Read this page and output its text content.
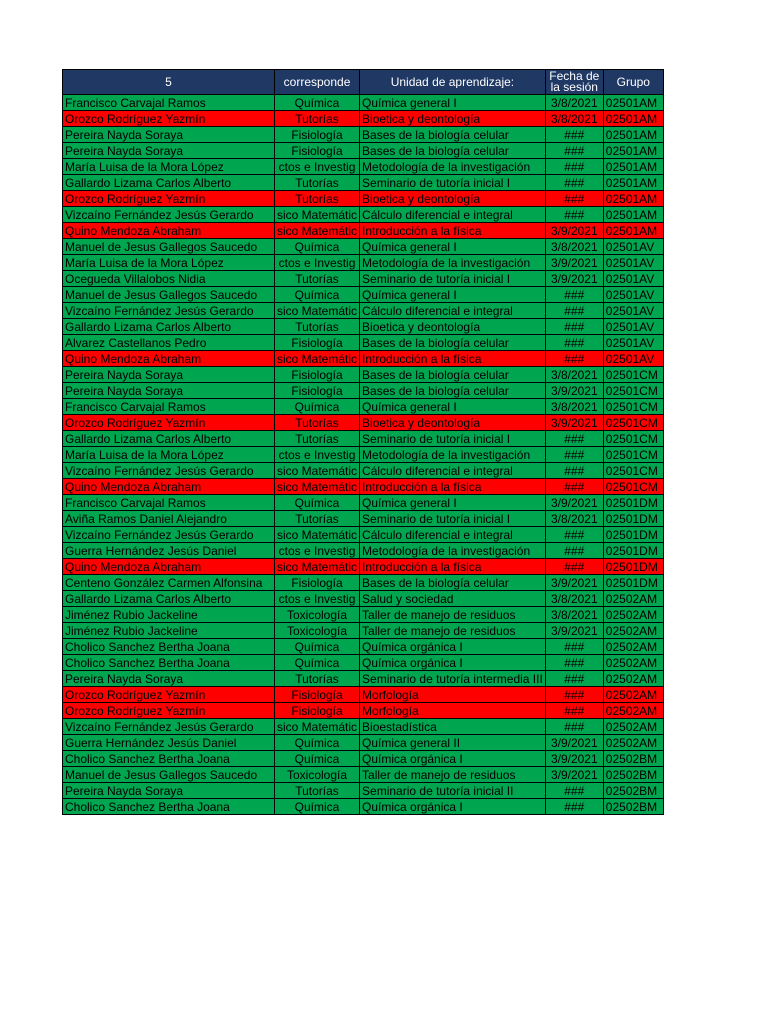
5	corresponde	Unidad de aprendizaje:	Fecha de la sesión	Grupo

Francisco Carvajal Ramos	Química	Química general I	3/8/2021	02501AM
Orozco Rodríguez Yazmín	Tutorías	Bioetica y deontología	3/8/2021	02501AM
Pereira Nayda Soraya	Fisiología	Bases de la biología celular	###	02501AM
Pereira Nayda Soraya	Fisiología	Bases de la biología celular	###	02501AM
María Luisa de la Mora López	ctos e Investig	Metodología de la investigación	###	02501AM
Gallardo Lizama Carlos Alberto	Tutorías	Seminario de tutoría inicial I	###	02501AM
Orozco Rodríguez Yazmín	Tutorías	Bioetica y deontología	###	02501AM
Vizcaíno Fernández Jesús Gerardo	sico Matemátic	Cálculo diferencial e integral	###	02501AM
Quino Mendoza Abraham	sico Matemátic	Introducción a la física	3/9/2021	02501AM
Manuel de Jesus Gallegos Saucedo	Química	Química general I	3/8/2021	02501AV
María Luisa de la Mora López	ctos e Investig	Metodología de la investigación	3/9/2021	02501AV
Ocegueda Villalobos Nidia	Tutorías	Seminario de tutoría inicial I	3/9/2021	02501AV
Manuel de Jesus Gallegos Saucedo	Química	Química general I	###	02501AV
Vizcaíno Fernández Jesús Gerardo	sico Matemátic	Cálculo diferencial e integral	###	02501AV
Gallardo Lizama Carlos Alberto	Tutorías	Bioetica y deontología	###	02501AV
Alvarez Castellanos Pedro	Fisiología	Bases de la biología celular	###	02501AV
Quino Mendoza Abraham	sico Matemátic	Introducción a la física	###	02501AV
Pereira Nayda Soraya	Fisiología	Bases de la biología celular	3/8/2021	02501CM
Pereira Nayda Soraya	Fisiología	Bases de la biología celular	3/9/2021	02501CM
Francisco Carvajal Ramos	Química	Química general I	3/8/2021	02501CM
Orozco Rodríguez Yazmín	Tutorías	Bioetica y deontología	3/9/2021	02501CM
Gallardo Lizama Carlos Alberto	Tutorías	Seminario de tutoría inicial I	###	02501CM
María Luisa de la Mora López	ctos e Investig	Metodología de la investigación	###	02501CM
Vizcaíno Fernández Jesús Gerardo	sico Matemátic	Cálculo diferencial e integral	###	02501CM
Quino Mendoza Abraham	sico Matemátic	Introducción a la física	###	02501CM
Francisco Carvajal Ramos	Química	Química general I	3/9/2021	02501DM
Aviña Ramos Daniel Alejandro	Tutorías	Seminario de tutoría inicial I	3/8/2021	02501DM
Vizcaíno Fernández Jesús Gerardo	sico Matemátic	Cálculo diferencial e integral	###	02501DM
Guerra Hernández Jesús Daniel	ctos e Investig	Metodología de la investigación	###	02501DM
Quino Mendoza Abraham	sico Matemátic	Introducción a la física	###	02501DM
Centeno González Carmen Alfonsina	Fisiología	Bases de la biología celular	3/9/2021	02501DM
Gallardo Lizama Carlos Alberto	ctos e Investig	Salud y sociedad	3/8/2021	02502AM
Jiménez Rubio Jackeline	Toxicología	Taller de manejo de residuos	3/8/2021	02502AM
Jiménez Rubio Jackeline	Toxicología	Taller de manejo de residuos	3/9/2021	02502AM
Cholico Sanchez Bertha Joana	Química	Química orgánica I	###	02502AM
Cholico Sanchez Bertha Joana	Química	Química orgánica I	###	02502AM
Pereira Nayda Soraya	Tutorías	Seminario de tutoría intermedia III	###	02502AM
Orozco Rodríguez Yazmín	Fisiología	Morfología	###	02502AM
Orozco Rodríguez Yazmín	Fisiología	Morfología	###	02502AM
Vizcaíno Fernández Jesús Gerardo	sico Matemátic	Bioestadística	###	02502AM
Guerra Hernández Jesús Daniel	Química	Química general II	3/9/2021	02502AM
Cholico Sanchez Bertha Joana	Química	Química orgánica I	3/9/2021	02502BM
Manuel de Jesus Gallegos Saucedo	Toxicología	Taller de manejo de residuos	3/9/2021	02502BM
Pereira Nayda Soraya	Tutorías	Seminario de tutoría inicial II	###	02502BM
Cholico Sanchez Bertha Joana	Química	Química orgánica I	###	02502BM
